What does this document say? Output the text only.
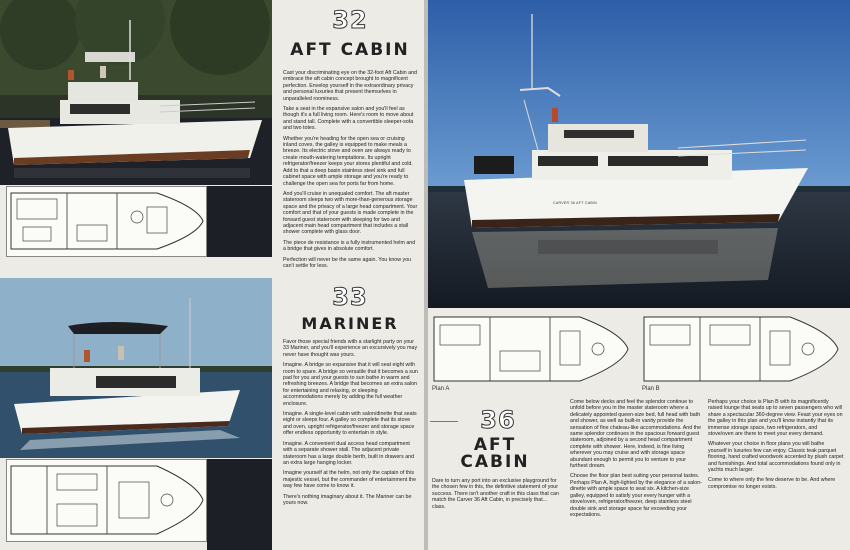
32
AFT CABIN

Cast your discriminating eye on the 32-foot Aft Cabin and embrace the aft cabin concept brought to magnificent perfection. Envelop yourself in the extraordinary privacy and personal luxuries that present themselves in unparalleled roominess.

Take a seat in the expansive salon and you'll feel as though it's a full living room. Here's room to move about and stand tall. Complete with a convertible sleeper-sofa and two totes.

Whether you're heading for the open sea or cruising inland coves, the galley is equipped to make meals a breeze. Its electric stove and oven are always ready to create mouth-watering temptations. Its upright refrigerator/freezer keeps your stores plentiful and cold. Add to that a deep basin stainless steel sink and full cabinet space with ample storage and you're ready to challenge the open sea for ports far from home.

And you'll cruise in unequaled comfort. The aft master stateroom sleeps two with more-than-generous storage space and the privacy of a large head compartment. Your comfort and that of your guests is made complete in the forward guest stateroom with sleeping for two and adjacent main head compartment that includes a stall shower complete with glass door.

The piece de resistance is a fully instrumented helm and a bridge that gives in absolute comfort.

Perfection will never be the same again. You know you can't settle for less.

33
MARINER

Favor those special friends with a starlight party on your 33 Mariner, and you'll experience an excursively you may never have thought was yours.

Imagine. A bridge so expansive that it will seat eight with room to spare. A bridge so versatile that it becomes a sun pad for you and your guests to sun bathe in warm and refreshing breezes. A bridge that becomes an extra salon for entertaining and relaxing, or sleeping accommodations merely by adding the full weather enclosure.

Imagine. A single-level cabin with salon/dinette that seats eight or sleeps four. A galley so complete that its stove and oven, upright refrigerator/freezer and storage space offer endless opportunity to entertain in style.

Imagine. A convenient dual access head compartment with a separate shower stall. The adjacent private stateroom has a large double berth, built in drawers and an extra large hanging locker.

Imagine yourself at the helm, not only the captain of this majestic vessel, but the commander of entertainment the way few have come to know it.

There's nothing imaginary about it. The Mariner can be yours now.

CARVER 36 AFT CABIN
Plan A	Plan B
36
AFT
CABIN

Dare to turn any port into an exclusive playground for the chosen few in this, the definitive statement of your success. There isn't another craft in this class that can match the Carver 36 Aft Cabin, in precisely that... class.

Come below decks and feel the splendor continue to unfold before you in the master stateroom where a delicately appointed queen-size bed, full head with bath and shower, as well as built-in vanity provide the sensation of fine chateau-like accommodations. And the same splendor continues in the spacious forward guest stateroom, adjoined by a second head compartment complete with shower. Here, indeed, is fine living wherever you may cruise and with storage space abundant enough to permit you to venture to your furthest dream.

Choose the floor plan best suiting your personal tastes. Perhaps Plan A, high-lighted by the elegance of a salon-dinette with ample space to seat six. A kitchen-size galley, equipped to satisfy your every hunger with a stove/oven, refrigerator/freezer, deep stainless steel double sink and storage space far exceeding your expectations.

Perhaps your choice is Plan B with its magnificently raised lounge that seats up to seven passengers who will share a spectacular 360-degree view. Feast your eyes on the galley in this plan and you'll know instantly that its immense storage space, two refrigerators, and stove/oven are there to meet your every demand.

Whatever your choice in floor plans you will bathe yourself in luxuries few can enjoy. Classic teak parquet flooring, hand crafted woodwork accented by plush carpet and furnishings. And total accommodations found only in yachts much larger.

Come to where only the few deserve to be. And where compromise no longer exists.
